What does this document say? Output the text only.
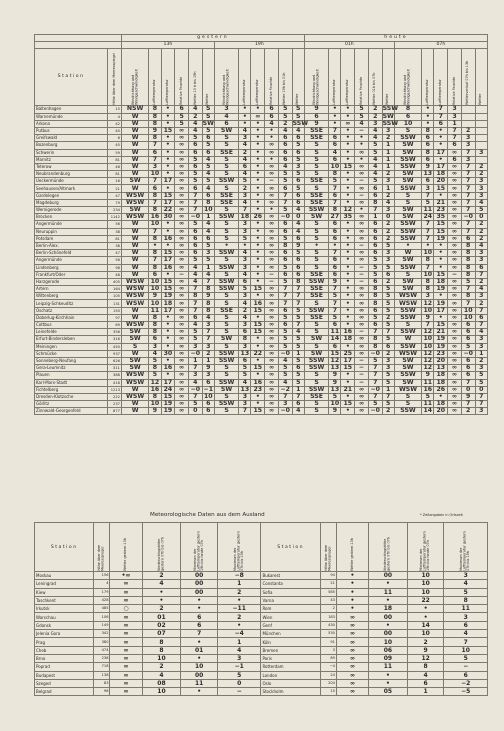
		gestern												heute											
		13h						19h						01h						07h					
Station	Höhe über dem Meeresspiegel	Windrichtung und Windgeschwindigkeit	Lufttemperatur	Lufttemperatur	Relative Feuchte	Wetter 13 h bis 19h	Wetter	Windrichtung und Windgeschwindigkeit	Lufttemperatur	Lufttemperatur	Relative Feuchte	Wetter 19h bis 01h	Wetter	Windrichtung und Windgeschwindigkeit	Lufttemperatur	Lufttemperatur	Relative Feuchte	Wetter 01h bis 07h	Wetter	Windrichtung und Windgeschwindigkeit	Lufttemperatur	Lufttemperatur	Relative Feuchte	Wetterverlauf 07h bis 13h	Wetter

Baltenhagen	15	NSW	8	•	6	4	S	3	•	•	6	5	S	9	•	•	5	2	SSW	8	•	7	3		
Warnemünde	4	W	8	•	5	2	S	4	•	∞	6	5	S	6	•	•	5	2	SW	6	•	7	3		
Arkona	42	W	8	•	5	4	SW	6	•	•	4	2	SSW	9	•	∞	4	3	SSW	10	•	6	1		
Putbus	40	W	9	15	∞	4	5	SW	4	•	•	4	4	SSE	7	•	−	4	3	S	8	•	7	2	
Greifswald	6	W	8	•	∞	5	6	S	3	•	•	6	6	SSE	6	•	•	4	2	SSW	6	•	7	3	
Bozenburg	45	W	7	•	∞	6	5	S	4	•	∞	6	5	S	6	•	•	5	1	SW	6	•	6	3	
Schwerin	59	W	6	•	∞	6	6	SSE	2	•	∞	6	6	S	4	•	∞	5	1	SW	8	17	∞	7	3
Marnitz	81	W	7	•	∞	5	4	S	4	•	•	6	5	S	6	•	•	4	1	SSW	6	•	6	3	
Teterow	46	W	3	•	∞	6	5	S	6	•	∞	4	3	S	10	15	∞	4	1	SSW	9	17	∞	7	2
Neubrandenburg	81	W	10	•	∞	5	4	S	4	•	∞	5	5	S	8	•	∞	4	2	SW	13	18	∞	7	2
Ueckermünde	16	SW	7	17	∞	5	5	SSW	5	•	−	5	6	SSE	5	•	−	5	3	SW	6	20	∞	7	3
Seehausen/Altmark	21	W	6	•	∞	6	4	S	2	•	∞	6	5	S	7	•	∞	6	1	SSW	3	15	∞	7	3
Gardelegen	47	WSW	8	15	∞	7	6	SSE	3	•	∞	7	6	SSE	6	•	−	6	2	S	7	•	∞	7	3
Magdeburg	79	WSW	7	17	∞	7	8	SSE	4	•	∞	7	6	SSE	7	•	∞	8	4	S	5	21	∞	7	4
Wernigerode	234	SW	8	22	∞	7	10	S	7	•	•	5	4	SSW	8	12	•	7	3	SW	11	23	∞	7	5
Brocken	1142	WSW	16	30	∞	−0	1	SSW	18	26	∞	−0	0	SW	27	35	∞	1	0	SW	24	35	∞	−0	0
Angermünde	56	W	10	•	∞	5	4	S	3	•	∞	6	4	S	6	•	∞	6	2	SSW	7	15	∞	7	2
Neuruppin	38	W	7	•	∞	6	4	S	3	•	∞	6	4	S	6	•	∞	6	2	SSW	7	15	∞	7	2
Potsdam	81	W	8	16	∞	6	6	S	5	•	∞	5	6	S	6	•	∞	6	2	SSW	7	19	∞	6	2
Berlin-Alex.	38	W	•	•	∞	6	5	•	•	•	∞	8	9	•	•	•	−	6	5	•	•	•	∞	8	4
Berlin-Schönefeld	47	W	8	15	∞	6	3	SSW	4	•	∞	6	5	S	7	•	∞	6	3	W	10	•	∞	8	3
Angermünde	56	W	7	17	∞	5	5	S	3	•	∞	6	6	S	6	•	∞	5	3	SW	8	•	∞	8	3
Lindenberg	98	W	8	16	∞	4	1	SSW	3	•	∞	5	6	S	6	•	−	5	5	SSW	7	•	∞	8	6
Frankfurt/Oder	48	W	6	•	−	4	4	S	4	•	−	6	6	SSE	6	•	−	5	6	S	10	15	−	8	7
Harzgerode	405	WSW	10	15	∞	4	7	SSW	6	•	−	5	8	SSW	9	•	−	6	2	SW	8	18	∞	5	2
Artern	164	WSW	10	15	∞	7	8	SSW	5	15	∞	7	7	SSE	7	•	∞	8	5	SW	8	19	∞	7	4
Wittenberg	105	WSW	9	19	∞	8	9	S	3	•	∞	7	7	SSE	5	•	∞	8	5	WSW	3	•	∞	8	3
Leipzig-Schkeuditz	131	WSW	10	18	∞	7	8	S	4	16	∞	7	7	S	7	•	∞	8	5	WSW	12	19	∞	7	2
Oschatz	150	W	11	17	∞	7	8	SSE	2	15	∞	6	5	SSW	7	•	∞	6	5	SSW	10	17	∞	10	7
Doberlug-Kirchhain	97	W	8	•	∞	6	4	S	4	•	∞	5	5	SSE	5	•	∞	5	2	SSW	9	•	∞	10	6
Cottbus	69	WSW	8	•	∞	4	3	S	3	15	∞	6	7	S	6	•	∞	6	5	S	7	15	∞	6	7
Leinefelde	356	SW	8	•	∞	5	7	S	6	15	∞	5	4	S	11	16	−	7	7	SSW	12	21	∞	6	4
Erfurt-Bindersleben	316	SW	6	•	∞	5	7	SW	8	•	∞	5	5	SW	14	18	∞	8	5	W	10	19	∞	6	3
Meiningen	450	S	3	•	∞	3	3	S	3	•	∞	5	5	S	6	•	∞	8	6	SSW	10	19	∞	5	3
Schmücke	937	W	4	30	∞	−0	2	SSW	13	22	∞	−0	1	SW	15	25	∞	−0	2	WSW	12	23	∞	−0	1
Sonneberg-Neufang	626	SW	5	•	∞	1	1	SSW	6	•	∞	4	5	SSW	12	17	−	5	3	SW	12	20	∞	6	2
Gera-Leumnitz	311	SW	8	16	∞	7	9	S	5	15	∞	5	6	SSW	13	15	−	7	3	SW	12	13	∞	6	3
Plauen	388	WSW	5	•	∞	3	3	S	5	•	∞	5	5	S	9	•	−	7	5	SSW	9	18	∞	6	5
Karl-Marx-Stadt	418	WSW	12	17	∞	4	6	SSW	4	16	∞	4	5	S	9	•	−	7	5	SW	11	18	∞	7	5
Fichtelberg	1213	W	16	24	∞	−0	−1	SW	13	23	∞	−2	1	SSW	13	21	∞	−0	1	WSW	16	26	∞	0	0
Dresden-Klotzsche	222	WSW	8	15	∞	7	10	S	3	•	∞	7	7	SSE	5	•	∞	7	7	S	5	•	∞	9	7
Görlitz	237	W	10	19	∞	5	6	SSW	3	•	∞	3	6	S	10	15	∞	5	5	S	11	18	∞	7	7
Zinnwald-Georgenfeld	877	W	9	19	∞	0	6	S	7	15	∞	−0	4	S	9	•	∞	−0	2	SSW	14	20	∞	2	3
Meteorologische Daten aus dem Ausland	* Zeitangaben in Ortszeit
Station	Höhe über dem Meeresspiegel	Wetter gestern 13h	Niederschlagshöhe gestern 07h bis 07h	Minimum der Lufttemperatur gestern 19h bis heute 07h	Maximum der Lufttemperatur gestern 07h bis 19h	Station	Höhe über dem Meeresspiegel	Wetter gestern 13h	Niederschlagshöhe gestern 07h bis 07h	Minimum der Lufttemperatur gestern 19h bis heute 07h	Maximum der Lufttemperatur gestern 07h bis 19h

Moskau	156	•∞	2	00	−8	Bukarest	94	•	00	10	3
Leningrad	4	∞	4	00	1	Constanta	21	•	•	10	4
Kiew	179	∞	•	00	2	Sofia	585	•	11	10	5
Taschkent	428	∞	•	•	•	Varna	43	•	•	22	8
Irkutsk	485	○	2	•	−11	Rom	2	•	18	•	11
Warschau	106	∞	01	6	2	Wien	183	∞	00	•	3
Gdansk	149	∞	02	6	•	Genf	430	∞	•	14	6
Jelenia Gora	342	∞	07	7	−4	München	530	∞	00	10	4
Prag	380	∞	8	•	1	Köln	91	∞	10	2	7
Cheb	474	∞	8	01	4	Bremen	3	∞	06	9	10
Brno	238	∞	10	•	3	Paris	89	∞	09	12	5
Poprad	718	∞	2	10	−1	Rotterdam	−4	∞	11	8	−
Budapest	138	∞	4	00	5	London	24	∞	•	4	6
Szeged	83	∞	08	11	0	Oslo	204	∞	•	6	−2
Belgrad	98	∞	10	•	−	Stockholm	15	∞	05	1	−5
